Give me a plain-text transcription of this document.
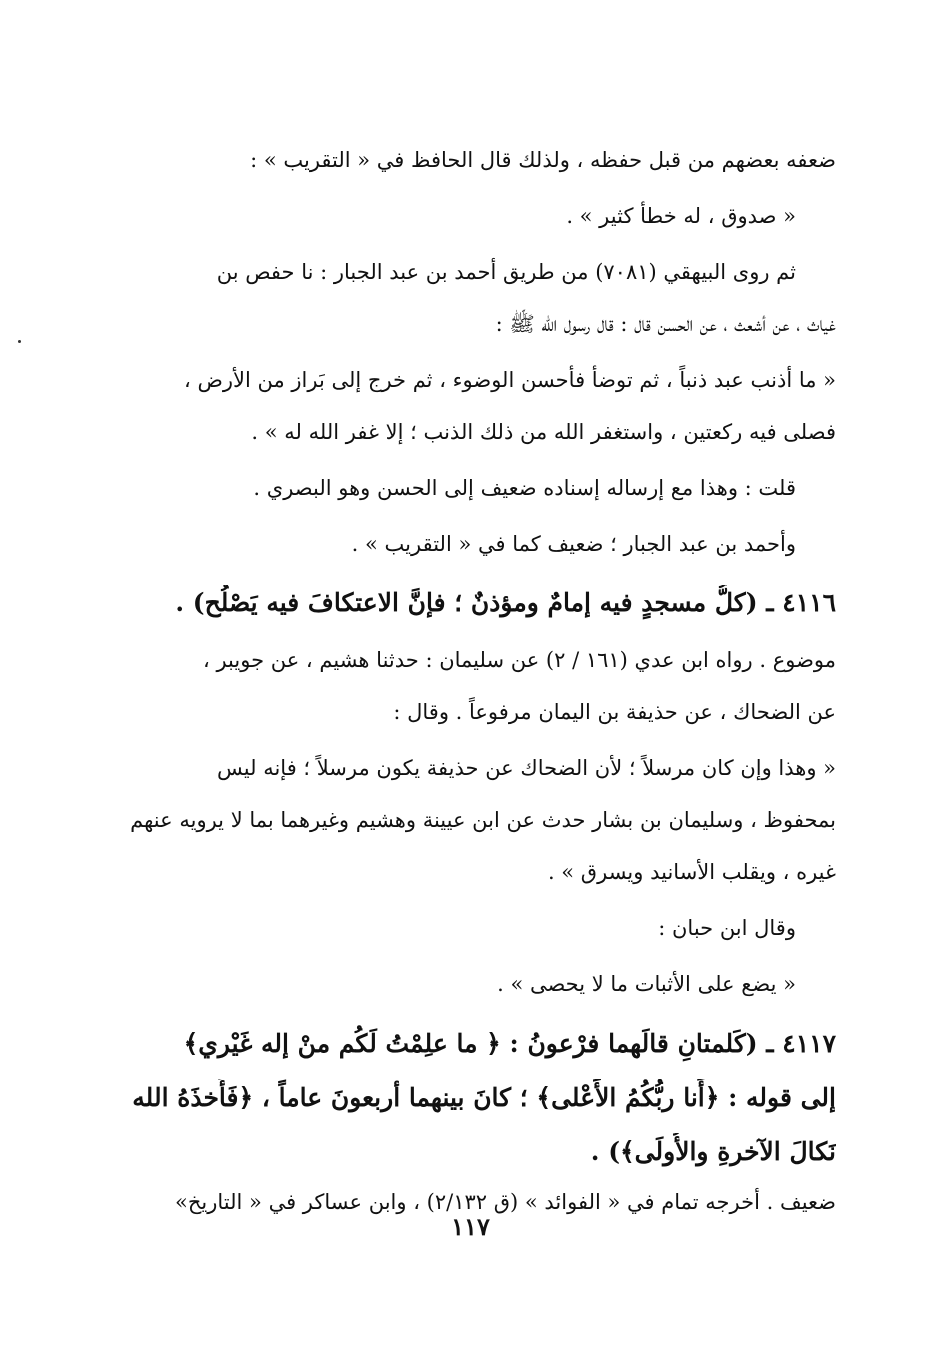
ضعفه بعضهم من قبل حفظه ، ولذلك قال الحافظ في « التقريب » :
« صدوق ، له خطأ كثير » .
ثم روى البيهقي (٧٠٨١) من طريق أحمد بن عبد الجبار : نا حفص بن
غياث ، عن أشعث ، عن الحسن قال : قال رسول الله ﷺ :
« ما أذنب عبد ذنباً ، ثم توضأ فأحسن الوضوء ، ثم خرج إلى بَراز من الأرض ،
فصلى فيه ركعتين ، واستغفر الله من ذلك الذنب ؛ إلا غفر الله له » .
قلت : وهذا مع إرساله إسناده ضعيف إلى الحسن وهو البصري .
وأحمد بن عبد الجبار ؛ ضعيف كما في « التقريب » .
٤١١٦ ـ (كلُّ مسجدٍ فيه إمامٌ ومؤذنٌ ؛ فإنَّ الاعتكافَ فيه يَصْلُح) .
موضوع . رواه ابن عدي (١٦١ / ٢) عن سليمان : حدثنا هشيم ، عن جويبر ،
عن الضحاك ، عن حذيفة بن اليمان مرفوعاً . وقال :
« وهذا وإن كان مرسلاً ؛ لأن الضحاك عن حذيفة يكون مرسلاً ؛ فإنه ليس
بمحفوظ ، وسليمان بن بشار حدث عن ابن عيينة وهشيم وغيرهما بما لا يرويه عنهم
غيره ، ويقلب الأسانيد ويسرق » .
وقال ابن حبان :
« يضع على الأثبات ما لا يحصى » .
٤١١٧ ـ (كَلمتانِ قالَهما فرْعونُ : ﴿ ما علِمْتُ لَكُم منْ إله غَيْري﴾
إلى قوله : ﴿أَنا ربُّكُمُ الأَعْلى﴾ ؛ كانَ بينهما أربعونَ عاماً ، ﴿فَأَخذَهُ الله
نَكالَ الآخرةِ والأُولَى﴾) .
ضعيف . أخرجه تمام في « الفوائد » (ق ٢/١٣٢) ، وابن عساكر في « التاريخ»
١١٧
